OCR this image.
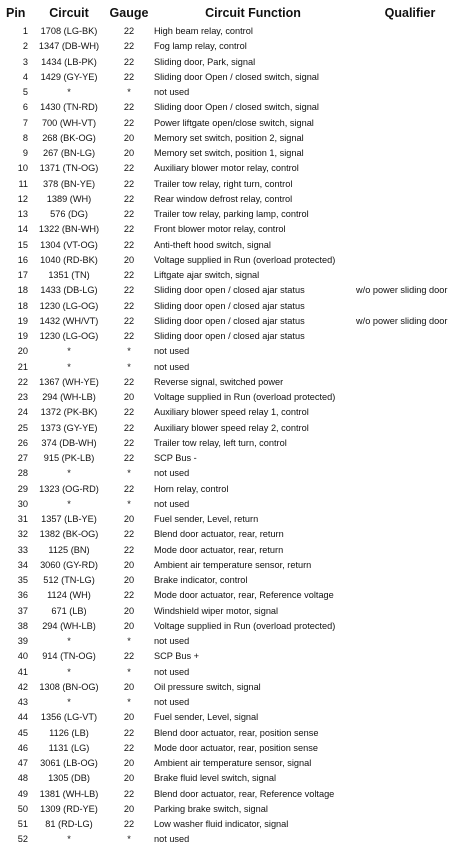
Pin	Circuit	Gauge	Circuit Function	Qualifier
1	1708 (LG-BK)	22	High beam relay, control	
2	1347 (DB-WH)	22	Fog lamp relay, control	
3	1434 (LB-PK)	22	Sliding door, Park, signal	
4	1429 (GY-YE)	22	Sliding door Open / closed switch, signal	
5	*	*	not used	
6	1430 (TN-RD)	22	Sliding door Open / closed switch, signal	
7	700 (WH-VT)	22	Power liftgate open/close switch, signal	
8	268 (BK-OG)	20	Memory set switch, position 2, signal	
9	267 (BN-LG)	20	Memory set switch, position 1, signal	
10	1371 (TN-OG)	22	Auxiliary blower motor relay, control	
11	378 (BN-YE)	22	Trailer tow relay, right turn, control	
12	1389 (WH)	22	Rear window defrost relay, control	
13	576 (DG)	22	Trailer tow relay, parking lamp, control	
14	1322 (BN-WH)	22	Front blower motor relay, control	
15	1304 (VT-OG)	22	Anti-theft hood switch, signal	
16	1040 (RD-BK)	20	Voltage supplied in Run (overload protected)	
17	1351 (TN)	22	Liftgate ajar switch, signal	
18	1433 (DB-LG)	22	Sliding door open / closed ajar status	w/o power sliding door
18	1230 (LG-OG)	22	Sliding door open / closed ajar status	
19	1432 (WH/VT)	22	Sliding door open / closed ajar status	w/o power sliding door
19	1230 (LG-OG)	22	Sliding door open / closed ajar status	
20	*	*	not used	
21	*	*	not used	
22	1367 (WH-YE)	22	Reverse signal, switched power	
23	294 (WH-LB)	20	Voltage supplied in Run (overload protected)	
24	1372 (PK-BK)	22	Auxiliary blower speed relay 1, control	
25	1373 (GY-YE)	22	Auxiliary blower speed relay 2, control	
26	374 (DB-WH)	22	Trailer tow relay, left turn, control	
27	915 (PK-LB)	22	SCP Bus -	
28	*	*	not used	
29	1323 (OG-RD)	22	Horn relay, control	
30	*	*	not used	
31	1357 (LB-YE)	20	Fuel sender, Level, return	
32	1382 (BK-OG)	22	Blend door actuator, rear, return	
33	1125 (BN)	22	Mode door actuator, rear, return	
34	3060 (GY-RD)	20	Ambient air temperature sensor, return	
35	512 (TN-LG)	20	Brake indicator, control	
36	1124 (WH)	22	Mode door actuator, rear, Reference voltage	
37	671 (LB)	20	Windshield wiper motor, signal	
38	294 (WH-LB)	20	Voltage supplied in Run (overload protected)	
39	*	*	not used	
40	914 (TN-OG)	22	SCP Bus +	
41	*	*	not used	
42	1308 (BN-OG)	20	Oil pressure switch, signal	
43	*	*	not used	
44	1356 (LG-VT)	20	Fuel sender, Level, signal	
45	1126 (LB)	22	Blend door actuator, rear, position sense	
46	1131 (LG)	22	Mode door actuator, rear, position sense	
47	3061 (LB-OG)	20	Ambient air temperature sensor, signal	
48	1305 (DB)	20	Brake fluid level switch, signal	
49	1381 (WH-LB)	22	Blend door actuator, rear, Reference voltage	
50	1309 (RD-YE)	20	Parking brake switch, signal	
51	81 (RD-LG)	22	Low washer fluid indicator, signal	
52	*	*	not used	
